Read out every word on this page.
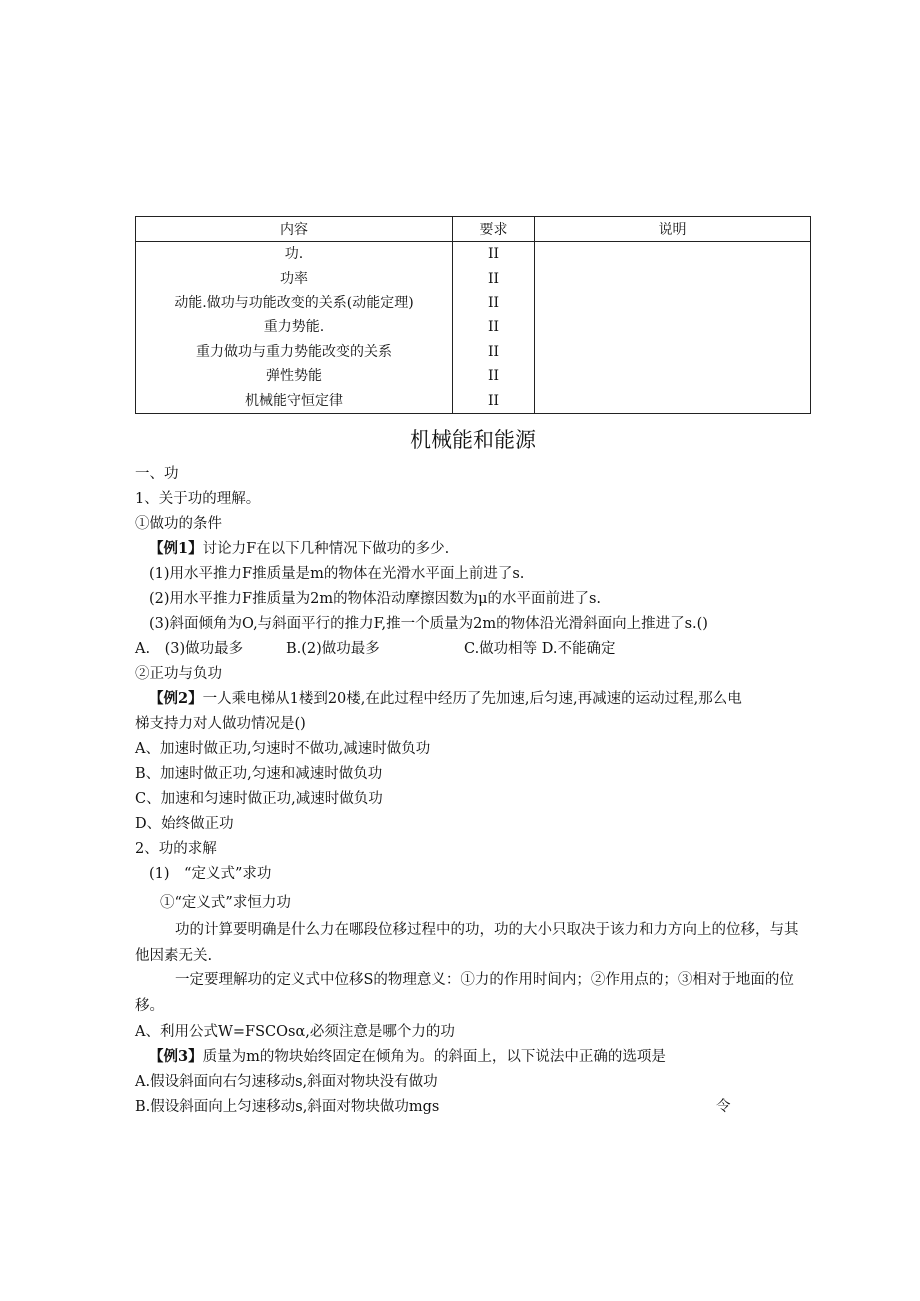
内容	要求	说明
功.	II	
功率	II	
动能.做功与功能改变的关系(动能定理)	II	
重力势能.	II	
重力做功与重力势能改变的关系	II	
弹性势能	II	
机械能守恒定律	II	
机械能和能源
一、功
1、关于功的理解。
①做功的条件
【例1】讨论力F在以下几种情况下做功的多少.
(1)用水平推力F推质量是m的物体在光滑水平面上前进了s.
(2)用水平推力F推质量为2m的物体沿动摩擦因数为μ的水平面前进了s.
(3)斜面倾角为O,与斜面平行的推力F,推一个质量为2m的物体沿光滑斜面向上推进了s.()
A.　(3)做功最多	B.(2)做功最多	C.做功相等 D.不能确定
②正功与负功
【例2】一人乘电梯从1楼到20楼,在此过程中经历了先加速,后匀速,再减速的运动过程,那么电
梯支持力对人做功情况是()
A、加速时做正功,匀速时不做功,减速时做负功
B、加速时做正功,匀速和减速时做负功
C、加速和匀速时做正功,减速时做负功
D、始终做正功
2、功的求解
(1)　“定义式”求功
①“定义式”求恒力功
功的计算要明确是什么力在哪段位移过程中的功，功的大小只取决于该力和力方向上的位移，与其他因素无关.
一定要理解功的定义式中位移S的物理意义：①力的作用时间内；②作用点的；③相对于地面的位移。
A、利用公式W=FSCOsα,必须注意是哪个力的功
【例3】质量为m的物块始终固定在倾角为。的斜面上，以下说法中正确的选项是
A.假设斜面向右匀速移动s,斜面对物块没有做功
B.假设斜面向上匀速移动s,斜面对物块做功mgs	令
